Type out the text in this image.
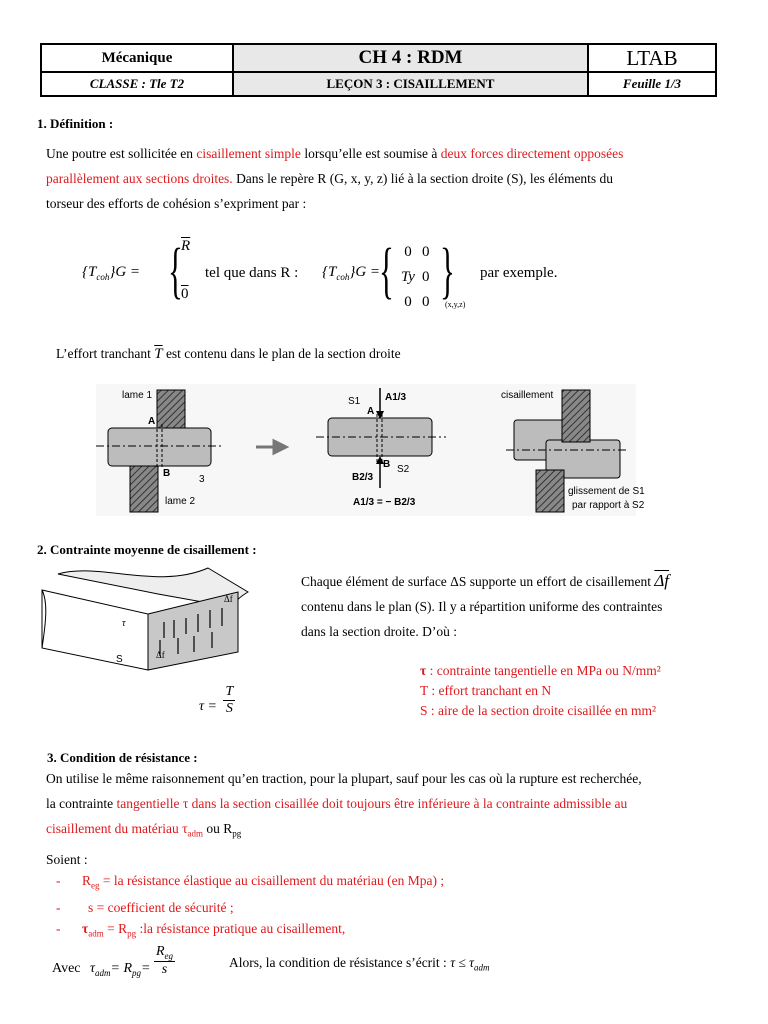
Mécanique	CH 4 : RDM	LTAB
CLASSE : Tle T2	LEÇON 3 : CISAILLEMENT	Feuille 1/3
1. Définition :
Une poutre est sollicitée en cisaillement simple lorsqu’elle est soumise à deux forces directement opposées
parallèlement aux sections droites. Dans le repère R (G, x, y, z) lié à la section droite (S), les éléments du
torseur des efforts de cohésion s’expriment par :
$\{T_{coh}\}G$ = {
$\overline{R}$
0
tel que dans R : $\{T_{coh}\}G$ =
{ 0 0
Ty 0
0 0 }
(x,y,z)
par exemple.
L’effort tranchant $\overline{T}$ est contenu dans le plan de la section droite
lame 1
A
B
3
lame 2
S1
A
A1/3
B S2
B2/3
A1/3 = − B2/3
cisaillement
glissement de S1
par rapport à S2
2. Contrainte moyenne de cisaillement :
τ
Δf
Δf
S
Chaque élément de surface ΔS supporte un effort de cisaillement $\overline{\Delta f}$
contenu dans le plan (S). Il y a répartition uniforme des contraintes
dans la section droite. D’où :
$\tau = \frac{T}{S}$
τ : contrainte tangentielle en MPa ou N/mm²
T : effort tranchant en N
S : aire de la section droite cisaillée en mm²
3. Condition de résistance :
On utilise le même raisonnement qu’en traction, pour la plupart, sauf pour les cas où la rupture est recherchée,
la contrainte tangentielle τ dans la section cisaillée doit toujours être inférieure à la contrainte admissible au
cisaillement du matériau $\tau_{adm}$ ou $R_{pg}$
Soient :
- $R_{eg}$ = la résistance élastique au cisaillement du matériau (en Mpa) ;
- s = coefficient de sécurité ;
- $\tau_{adm} = R_{pg}$ :la résistance pratique au cisaillement,
Avec $\tau_{adm}= R_{pg}=$
$R_{eg}$
s	Alors, la condition de résistance s’écrit : $\tau \le \tau_{adm}$
